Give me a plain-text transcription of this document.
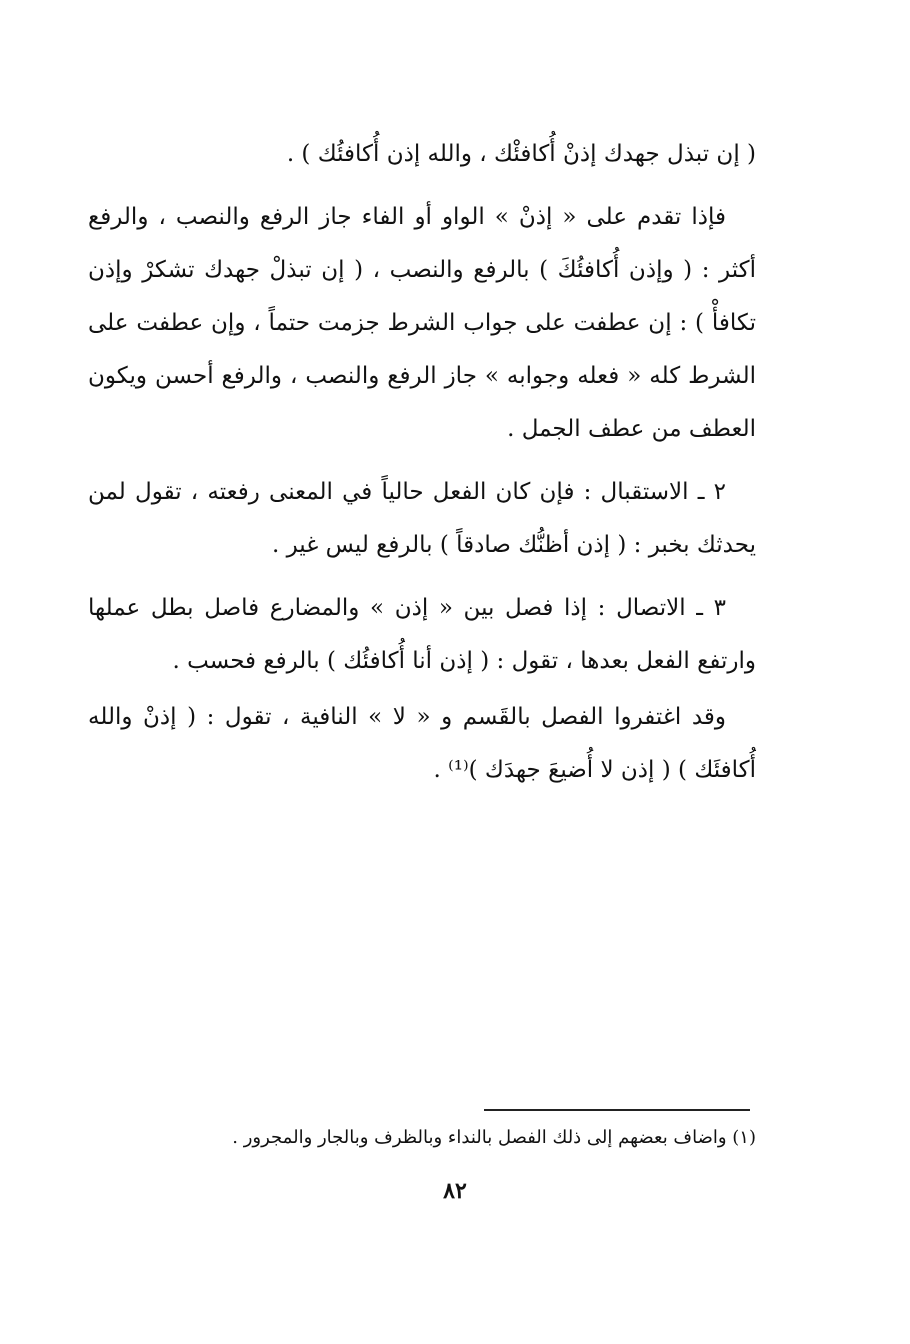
( إن تبذل جهدك إذنْ أُكافئْك ، والله إذن أُكافئُك ) .

فإذا تقدم على « إذنْ » الواو أو الفاء جاز الرفع والنصب ، والرفع أكثر : ( وإذن أُكافئُكَ ) بالرفع والنصب ، ( إن تبذلْ جهدك تشكرْ وإذن تكافأْ ) : إن عطفت على جواب الشرط جزمت حتماً ، وإن عطفت على الشرط كله « فعله وجوابه » جاز الرفع والنصب ، والرفع أحسن ويكون العطف من عطف الجمل .

٢ ـ الاستقبال : فإن كان الفعل حالياً في المعنى رفعته ، تقول لمن يحدثك بخبر : ( إذن أظنُّك صادقاً ) بالرفع ليس غير .

٣ ـ الاتصال : إذا فصل بين « إذن » والمضارع فاصل بطل عملها وارتفع الفعل بعدها ، تقول : ( إذن أنا أُكافئُك ) بالرفع فحسب .

وقد اغتفروا الفصل بالقَسم و « لا » النافية ، تقول : ( إذنْ والله أُكافئَك ) ( إذن لا أُضيعَ جهدَك )⁽¹⁾ .

(١) واضاف بعضهم إلى ذلك الفصل بالنداء وبالظرف وبالجار والمجرور .
٨٢
